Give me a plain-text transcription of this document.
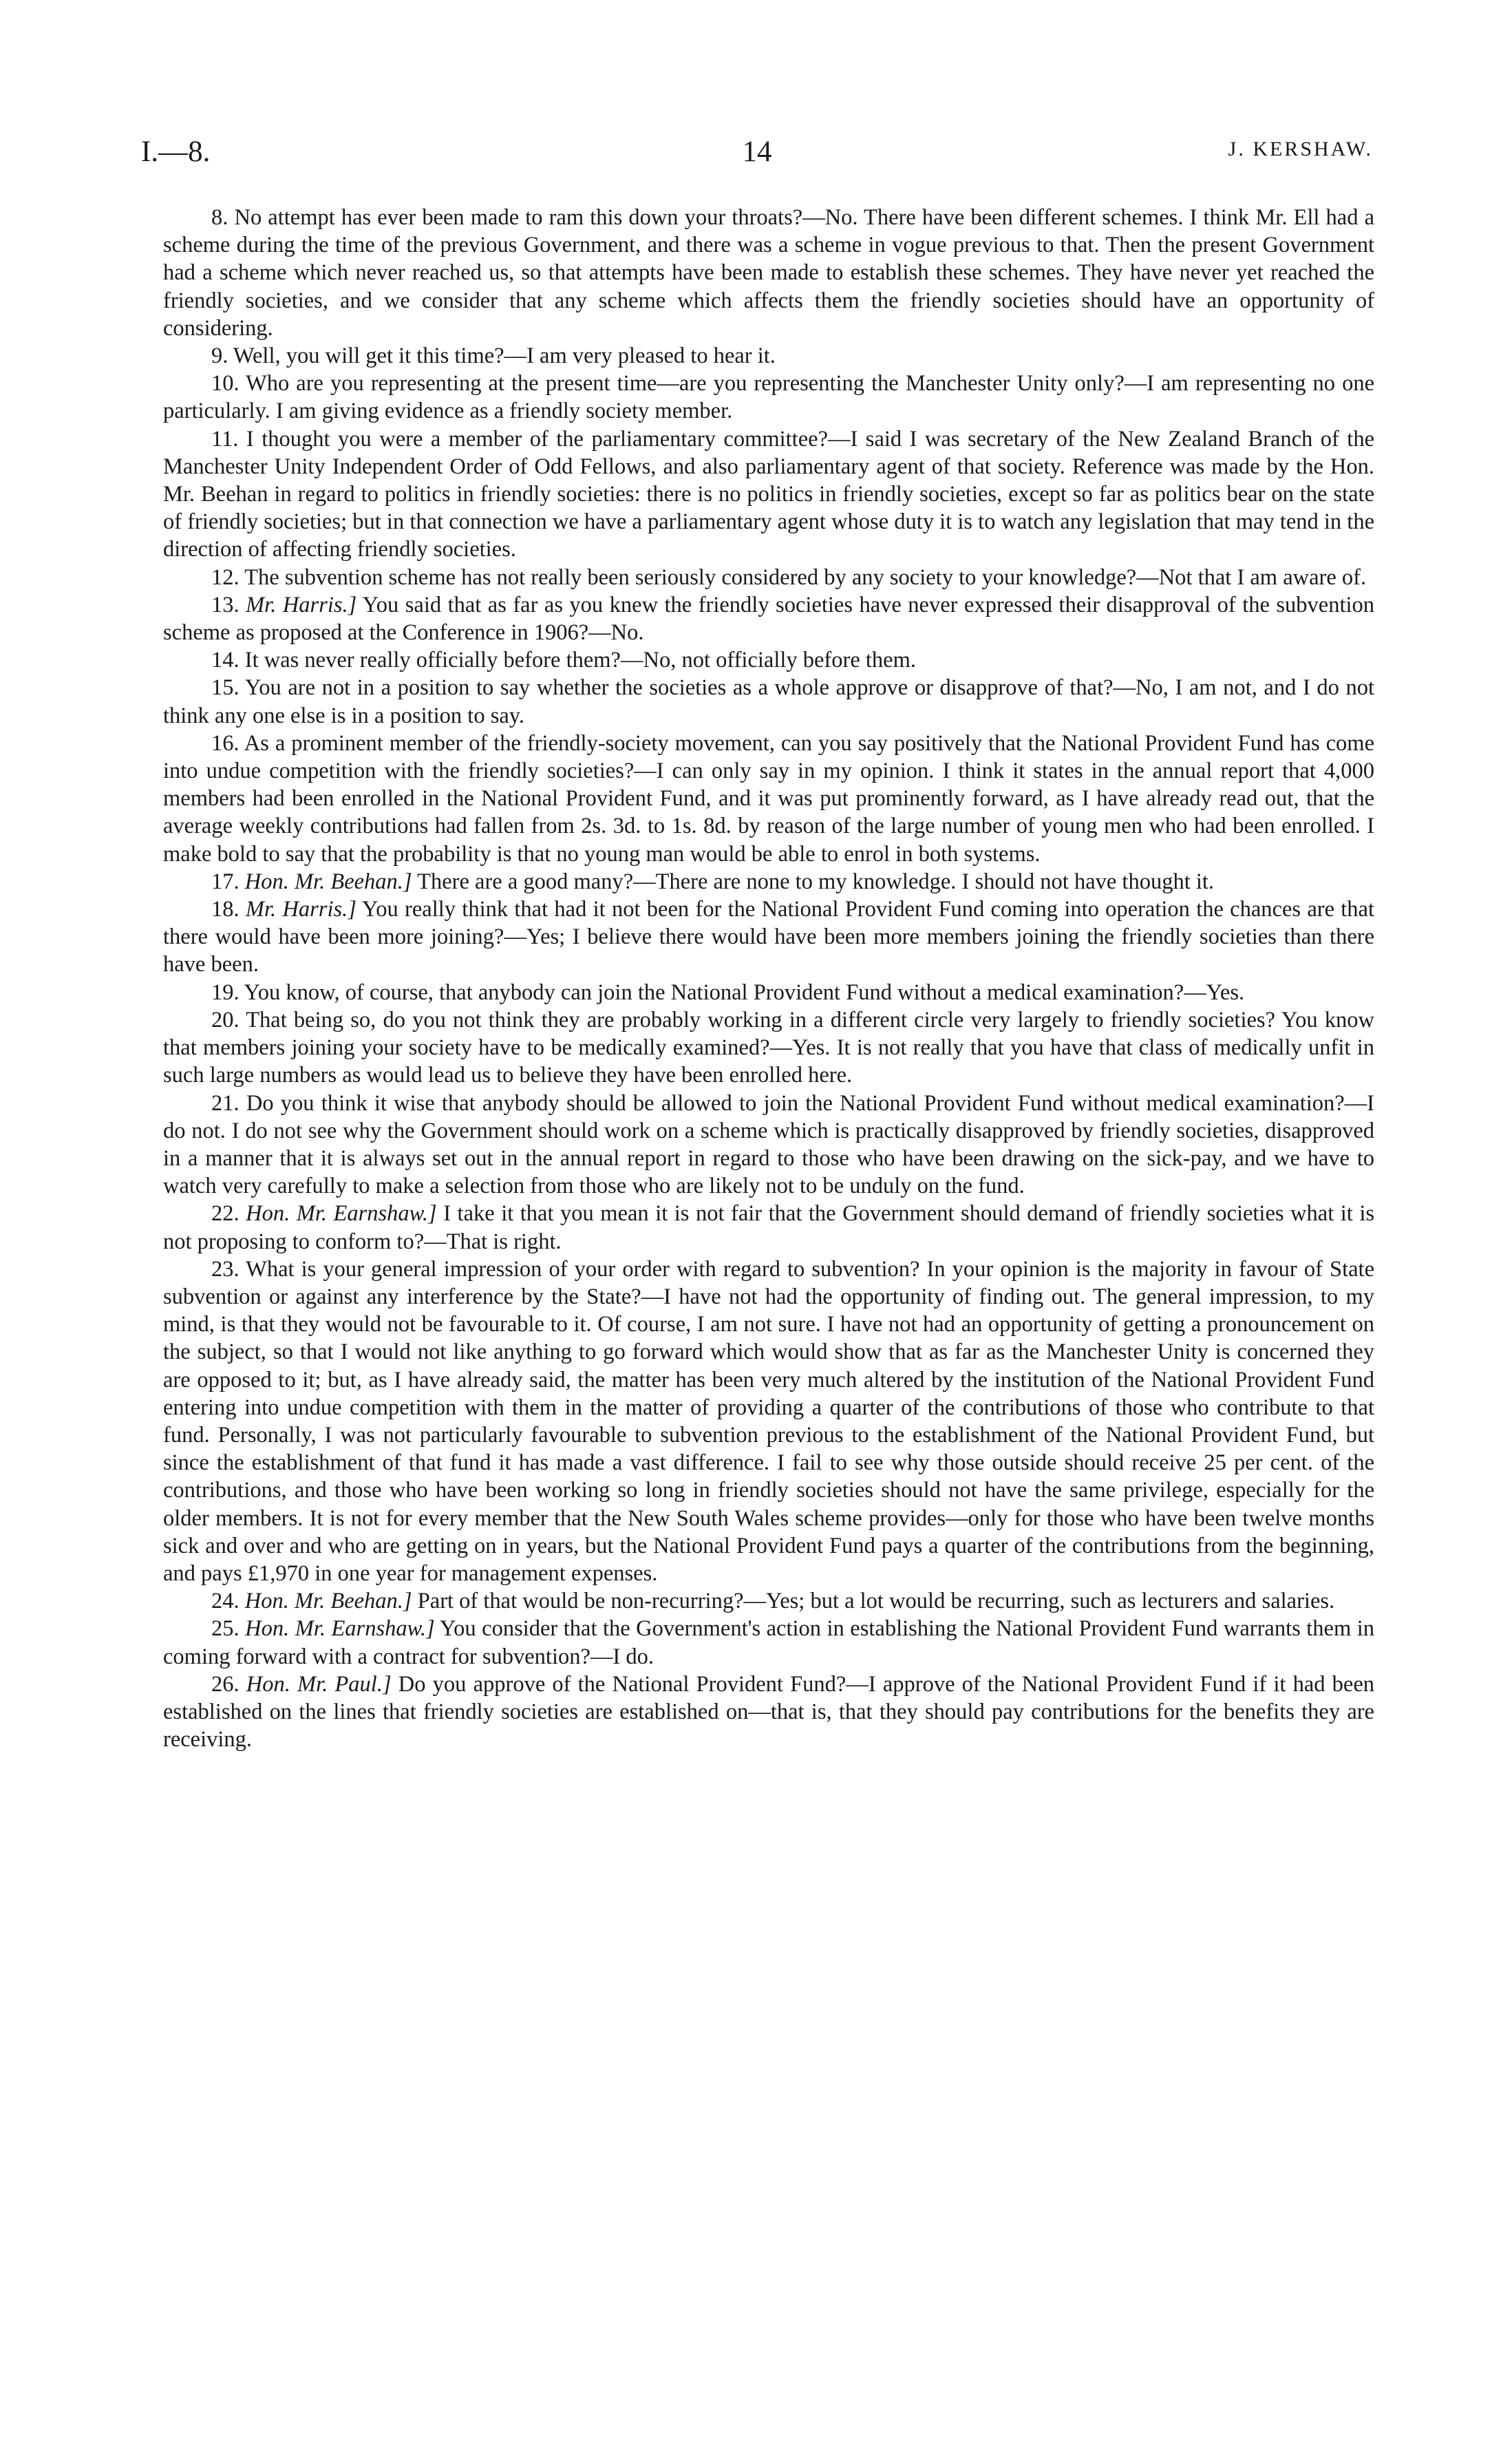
I.—8.	14	J. KERSHAW.

8. No attempt has ever been made to ram this down your throats?—No. There have been different schemes. I think Mr. Ell had a scheme during the time of the previous Government, and there was a scheme in vogue previous to that. Then the present Government had a scheme which never reached us, so that attempts have been made to establish these schemes. They have never yet reached the friendly societies, and we consider that any scheme which affects them the friendly societies should have an opportunity of considering.

9. Well, you will get it this time?—I am very pleased to hear it.

10. Who are you representing at the present time—are you representing the Manchester Unity only?—I am representing no one particularly. I am giving evidence as a friendly society member.

11. I thought you were a member of the parliamentary committee?—I said I was secretary of the New Zealand Branch of the Manchester Unity Independent Order of Odd Fellows, and also parliamentary agent of that society. Reference was made by the Hon. Mr. Beehan in regard to politics in friendly societies: there is no politics in friendly societies, except so far as politics bear on the state of friendly societies; but in that connection we have a parliamentary agent whose duty it is to watch any legislation that may tend in the direction of affecting friendly societies.

12. The subvention scheme has not really been seriously considered by any society to your knowledge?—Not that I am aware of.

13. Mr. Harris.] You said that as far as you knew the friendly societies have never expressed their disapproval of the subvention scheme as proposed at the Conference in 1906?—No.

14. It was never really officially before them?—No, not officially before them.

15. You are not in a position to say whether the societies as a whole approve or disapprove of that?—No, I am not, and I do not think any one else is in a position to say.

16. As a prominent member of the friendly-society movement, can you say positively that the National Provident Fund has come into undue competition with the friendly societies?—I can only say in my opinion. I think it states in the annual report that 4,000 members had been enrolled in the National Provident Fund, and it was put prominently forward, as I have already read out, that the average weekly contributions had fallen from 2s. 3d. to 1s. 8d. by reason of the large number of young men who had been enrolled. I make bold to say that the probability is that no young man would be able to enrol in both systems.

17. Hon. Mr. Beehan.] There are a good many?—There are none to my knowledge. I should not have thought it.

18. Mr. Harris.] You really think that had it not been for the National Provident Fund coming into operation the chances are that there would have been more joining?—Yes; I believe there would have been more members joining the friendly societies than there have been.

19. You know, of course, that anybody can join the National Provident Fund without a medical examination?—Yes.

20. That being so, do you not think they are probably working in a different circle very largely to friendly societies? You know that members joining your society have to be medically examined?—Yes. It is not really that you have that class of medically unfit in such large numbers as would lead us to believe they have been enrolled here.

21. Do you think it wise that anybody should be allowed to join the National Provident Fund without medical examination?—I do not. I do not see why the Government should work on a scheme which is practically disapproved by friendly societies, disapproved in a manner that it is always set out in the annual report in regard to those who have been drawing on the sick-pay, and we have to watch very carefully to make a selection from those who are likely not to be unduly on the fund.

22. Hon. Mr. Earnshaw.] I take it that you mean it is not fair that the Government should demand of friendly societies what it is not proposing to conform to?—That is right.

23. What is your general impression of your order with regard to subvention? In your opinion is the majority in favour of State subvention or against any interference by the State?—I have not had the opportunity of finding out. The general impression, to my mind, is that they would not be favourable to it. Of course, I am not sure. I have not had an opportunity of getting a pronouncement on the subject, so that I would not like anything to go forward which would show that as far as the Manchester Unity is concerned they are opposed to it; but, as I have already said, the matter has been very much altered by the institution of the National Provident Fund entering into undue competition with them in the matter of providing a quarter of the contributions of those who contribute to that fund. Personally, I was not particularly favourable to subvention previous to the establishment of the National Provident Fund, but since the establishment of that fund it has made a vast difference. I fail to see why those outside should receive 25 per cent. of the contributions, and those who have been working so long in friendly societies should not have the same privilege, especially for the older members. It is not for every member that the New South Wales scheme provides—only for those who have been twelve months sick and over and who are getting on in years, but the National Provident Fund pays a quarter of the contributions from the beginning, and pays £1,970 in one year for management expenses.

24. Hon. Mr. Beehan.] Part of that would be non-recurring?—Yes; but a lot would be recurring, such as lecturers and salaries.

25. Hon. Mr. Earnshaw.] You consider that the Government's action in establishing the National Provident Fund warrants them in coming forward with a contract for subvention?—I do.

26. Hon. Mr. Paul.] Do you approve of the National Provident Fund?—I approve of the National Provident Fund if it had been established on the lines that friendly societies are established on—that is, that they should pay contributions for the benefits they are receiving.
